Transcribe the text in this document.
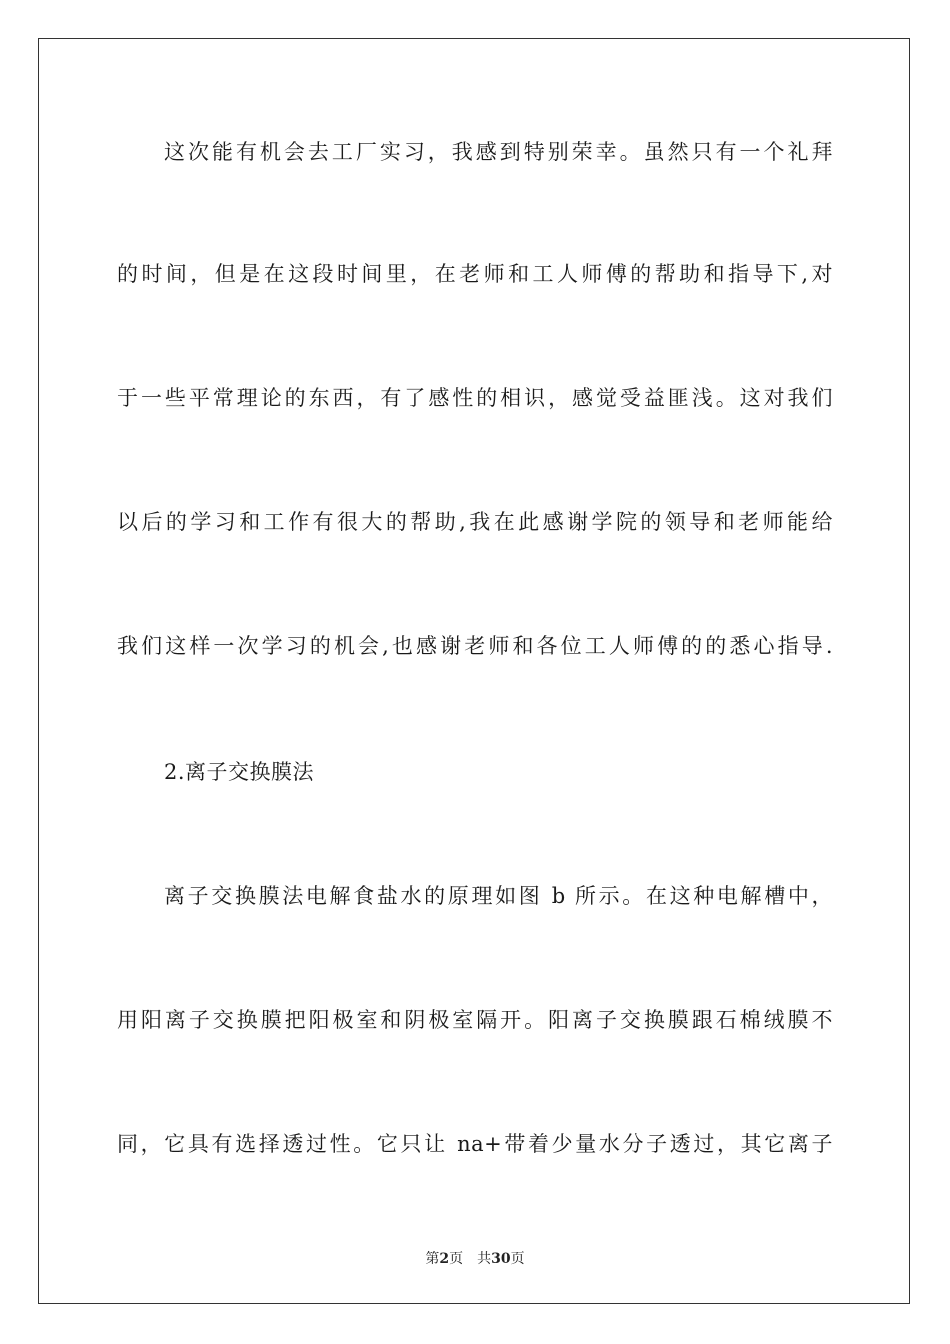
这次能有机会去工厂实习，我感到特别荣幸。虽然只有一个礼拜
的时间，但是在这段时间里，在老师和工人师傅的帮助和指导下,对
于一些平常理论的东西，有了感性的相识，感觉受益匪浅。这对我们
以后的学习和工作有很大的帮助,我在此感谢学院的领导和老师能给
我们这样一次学习的机会,也感谢老师和各位工人师傅的的悉心指导.
2.离子交换膜法
离子交换膜法电解食盐水的原理如图 b 所示。在这种电解槽中，
用阳离子交换膜把阳极室和阴极室隔开。阳离子交换膜跟石棉绒膜不
同，它具有选择透过性。它只让 na+带着少量水分子透过，其它离子
第2页 共30页
